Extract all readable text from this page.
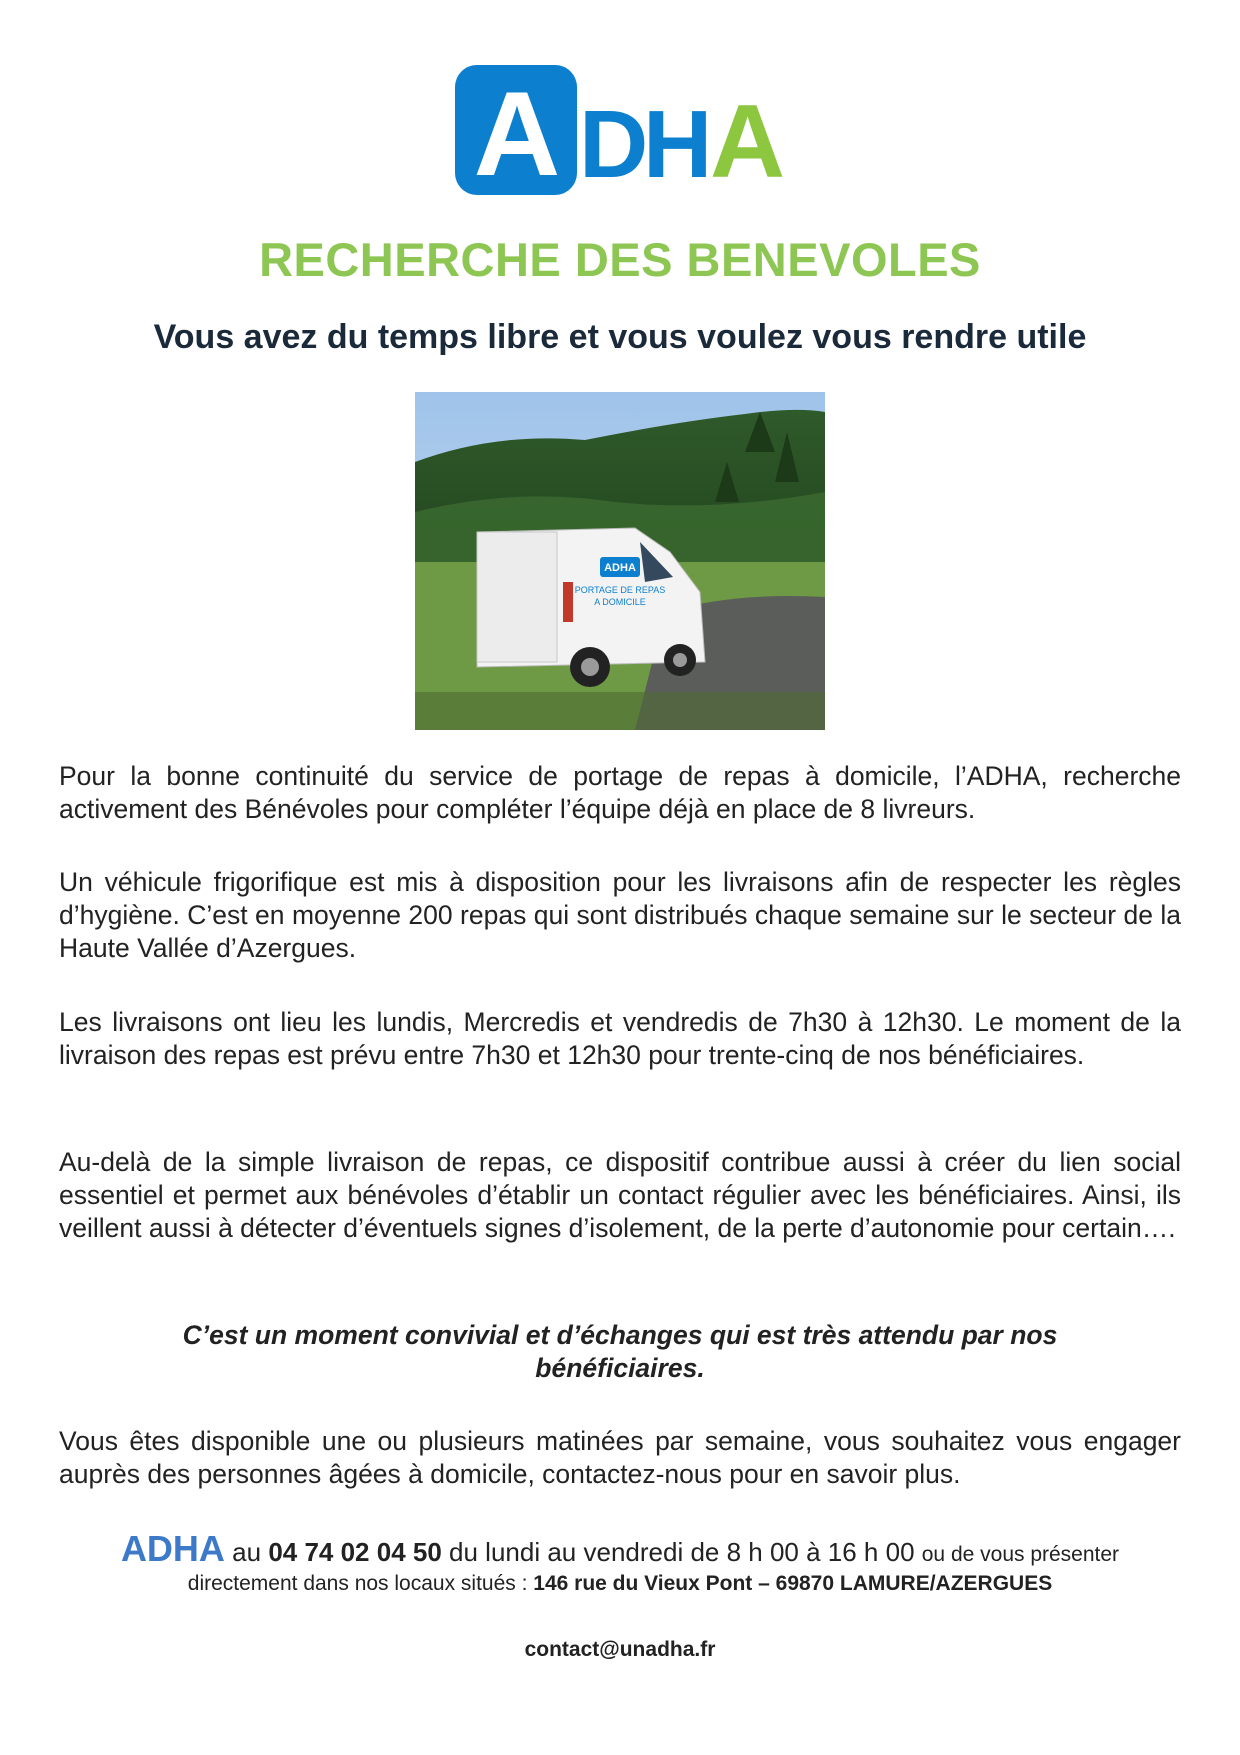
A D
H
A
RECHERCHE DES BENEVOLES
Vous avez du temps libre et vous voulez vous rendre utile
ADHA
PORTAGE DE REPAS
A DOMICILE

Pour la bonne continuité du service de portage de repas à domicile, l’ADHA, recherche activement des Bénévoles pour compléter l’équipe déjà en place de 8 livreurs.

Un véhicule frigorifique est mis à disposition pour les livraisons afin de respecter les règles d’hygiène. C’est en moyenne 200 repas qui sont distribués chaque semaine sur le secteur de la Haute Vallée d’Azergues.

Les livraisons ont lieu les lundis, Mercredis et vendredis de 7h30 à 12h30. Le moment de la livraison des repas est prévu entre 7h30 et 12h30 pour trente-cinq de nos bénéficiaires.

Au-delà de la simple livraison de repas, ce dispositif contribue aussi à créer du lien social essentiel et permet aux bénévoles d’établir un contact régulier avec les bénéficiaires. Ainsi, ils veillent aussi à détecter d’éventuels signes d’isolement, de la perte d’autonomie pour certain….

C’est un moment convivial et d’échanges qui est très attendu par nos bénéficiaires.

Vous êtes disponible une ou plusieurs matinées par semaine, vous souhaitez vous engager auprès des personnes âgées à domicile, contactez-nous pour en savoir plus.

ADHA au 04 74 02 04 50 du lundi au vendredi de 8 h 00 à 16 h 00 ou de vous présenter

directement dans nos locaux situés : 146 rue du Vieux Pont – 69870 LAMURE/AZERGUES

contact@unadha.fr
